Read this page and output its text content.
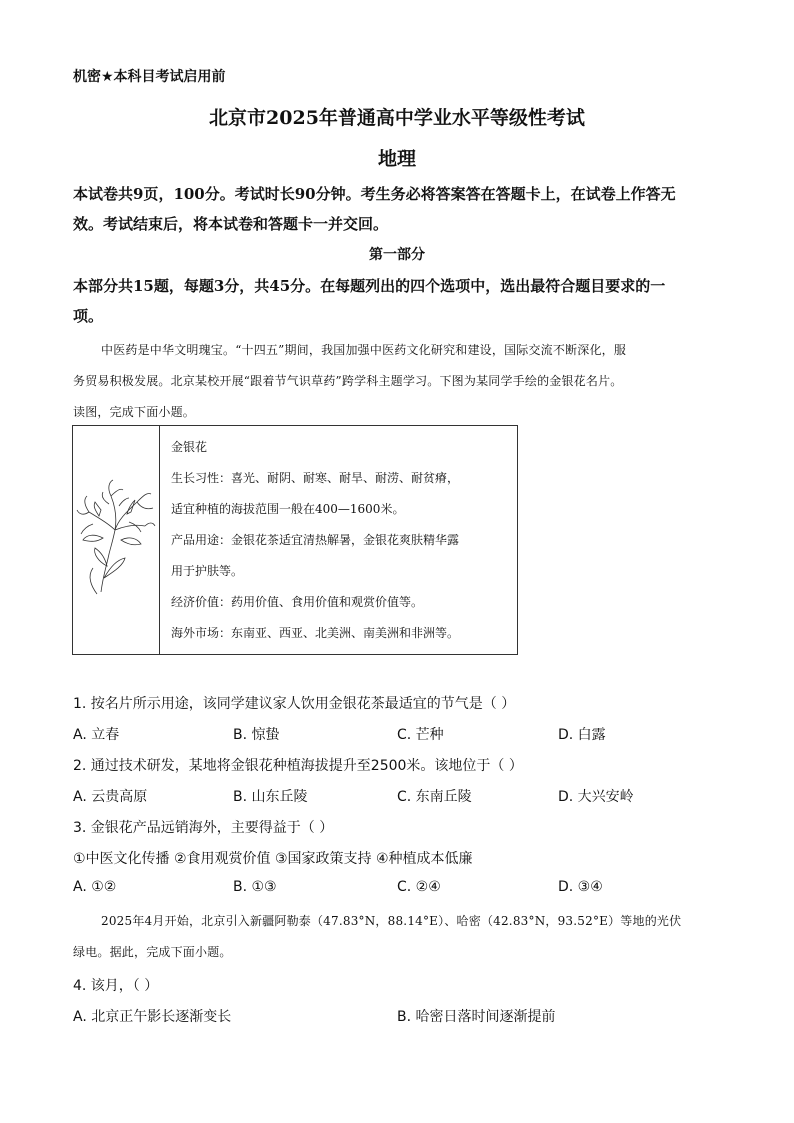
机密★本科目考试启用前
北京市2025年普通高中学业水平等级性考试
地理
本试卷共9页，100分。考试时长90分钟。考生务必将答案答在答题卡上，在试卷上作答无
效。考试结束后，将本试卷和答题卡一并交回。
第一部分
本部分共15题，每题3分，共45分。在每题列出的四个选项中，选出最符合题目要求的一
项。
中医药是中华文明瑰宝。“十四五”期间，我国加强中医药文化研究和建设，国际交流不断深化，服
务贸易积极发展。北京某校开展“跟着节气识草药”跨学科主题学习。下图为某同学手绘的金银花名片。
读图，完成下面小题。
金银花
生长习性：喜光、耐阴、耐寒、耐旱、耐涝、耐贫瘠，
适宜种植的海拔范围一般在400—1600米。
产品用途：金银花茶适宜清热解暑，金银花爽肤精华露
用于护肤等。
经济价值：药用价值、食用价值和观赏价值等。
海外市场：东南亚、西亚、北美洲、南美洲和非洲等。
1. 按名片所示用途，该同学建议家人饮用金银花茶最适宜的节气是（ ）
A. 立春	B. 惊蛰	C. 芒种	D. 白露
2. 通过技术研发，某地将金银花种植海拔提升至2500米。该地位于（ ）
A. 云贵高原	B. 山东丘陵	C. 东南丘陵	D. 大兴安岭
3. 金银花产品远销海外，主要得益于（ ）
①中医文化传播 ②食用观赏价值 ③国家政策支持 ④种植成本低廉
A. ①②	B. ①③	C. ②④	D. ③④
2025年4月开始，北京引入新疆阿勒泰（47.83°N，88.14°E）、哈密（42.83°N，93.52°E）等地的光伏
绿电。据此，完成下面小题。
4. 该月，（ ）
A. 北京正午影长逐渐变长	B. 哈密日落时间逐渐提前
